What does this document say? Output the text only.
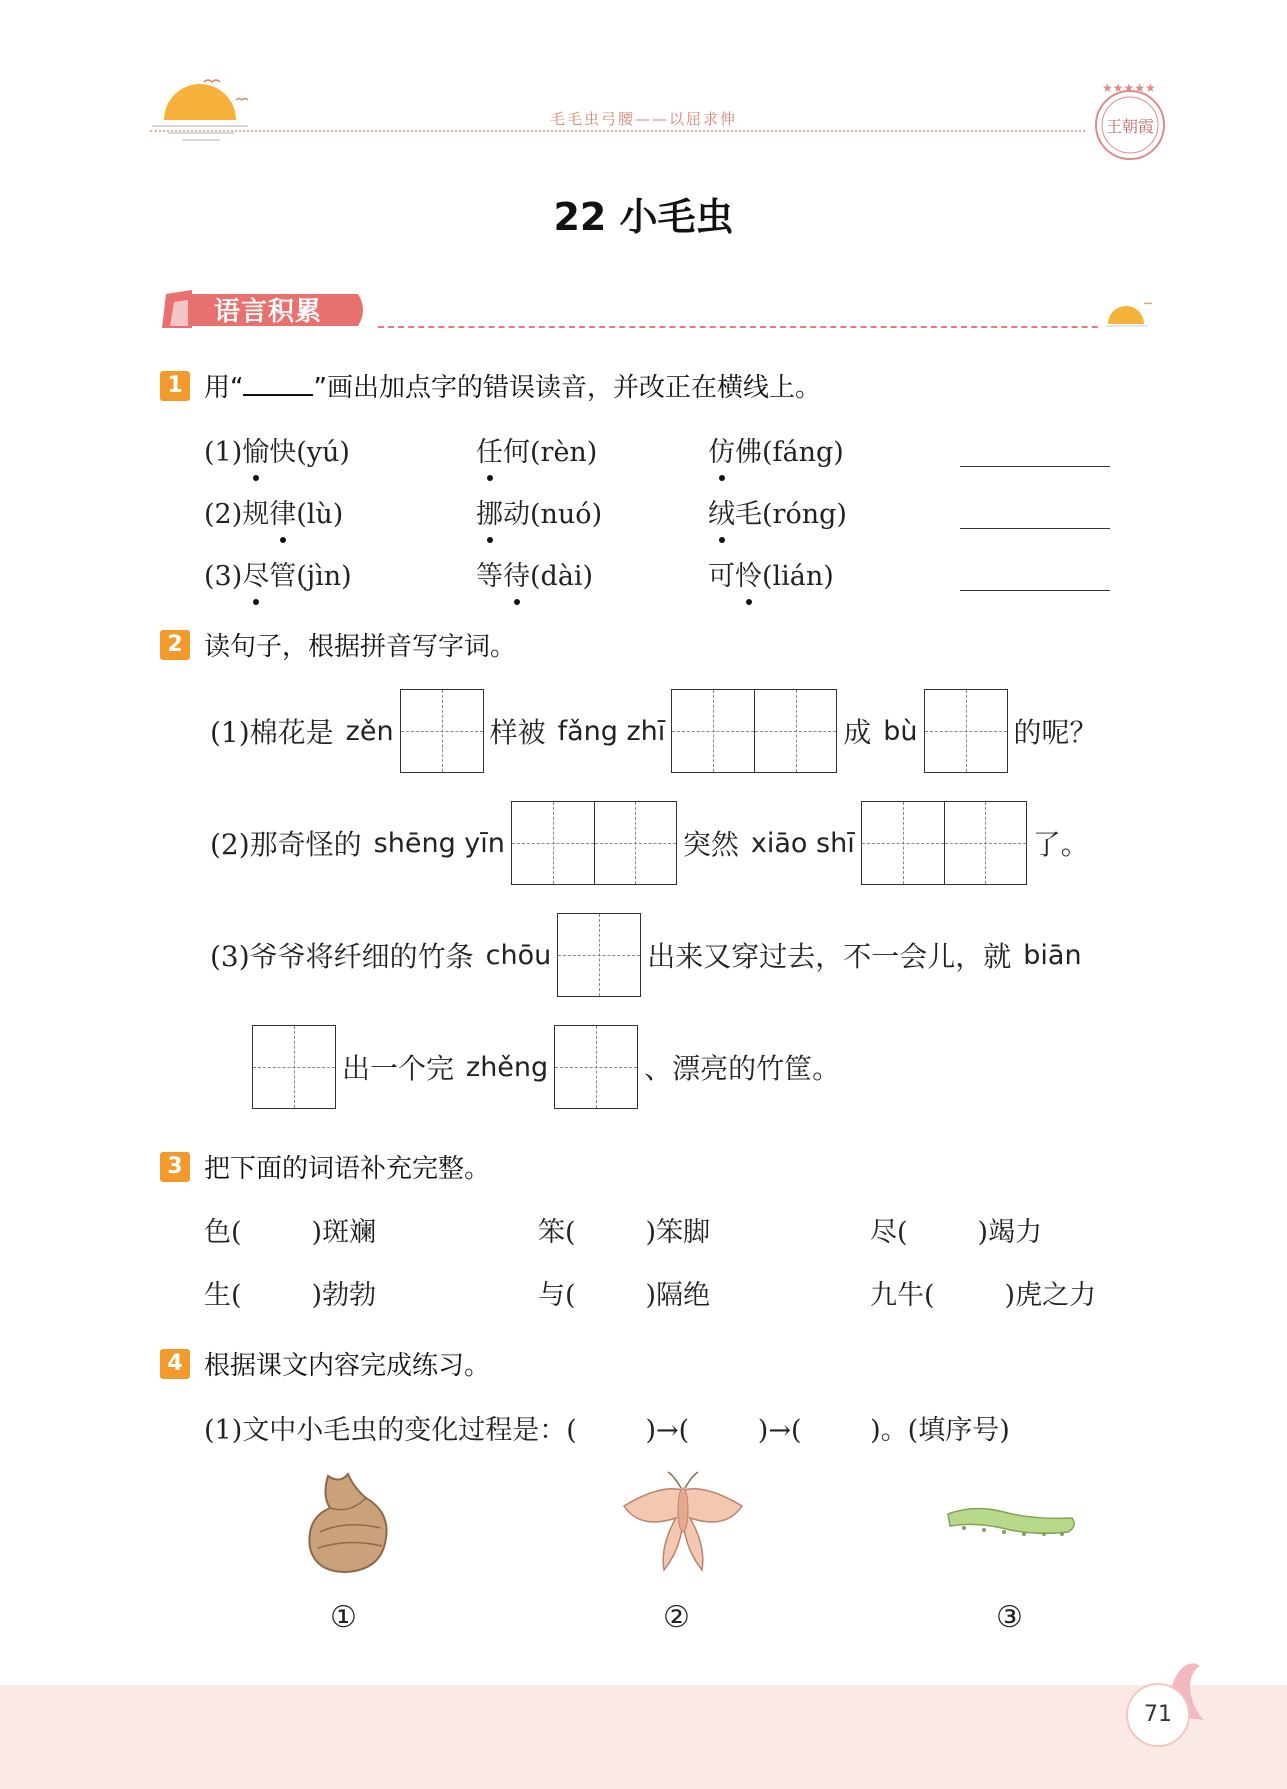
毛毛虫弓腰——以屈求伸
★★★★★
王朝霞
22 小毛虫
语言积累
1 用“	”画出加点字的错误读音，并改正在横线上。
(1)愉快(yú)	任何(rèn)	仿佛(fáng)
(2)规律(lù)	挪动(nuó)	绒毛(róng)
(3)尽管(jìn)	等待(dài)	可怜(lián)
2 读句子，根据拼音写字词。
(1)棉花是 zěn	样被 fǎng zhī	成 bù	的呢？
(2)那奇怪的 shēng yīn	突然 xiāo shī	了。
(3)爷爷将纤细的竹条 chōu	出来又穿过去，不一会儿，就 biān
出一个完 zhěng	、漂亮的竹筐。
3 把下面的词语补充完整。
色(	)斑斓	笨(	)笨脚	尽(	)竭力
生(	)勃勃	与(	)隔绝	九牛(	)虎之力
4 根据课文内容完成练习。
(1)文中小毛虫的变化过程是：(        )→(        )→(        )。(填序号)
①	②	③
71
